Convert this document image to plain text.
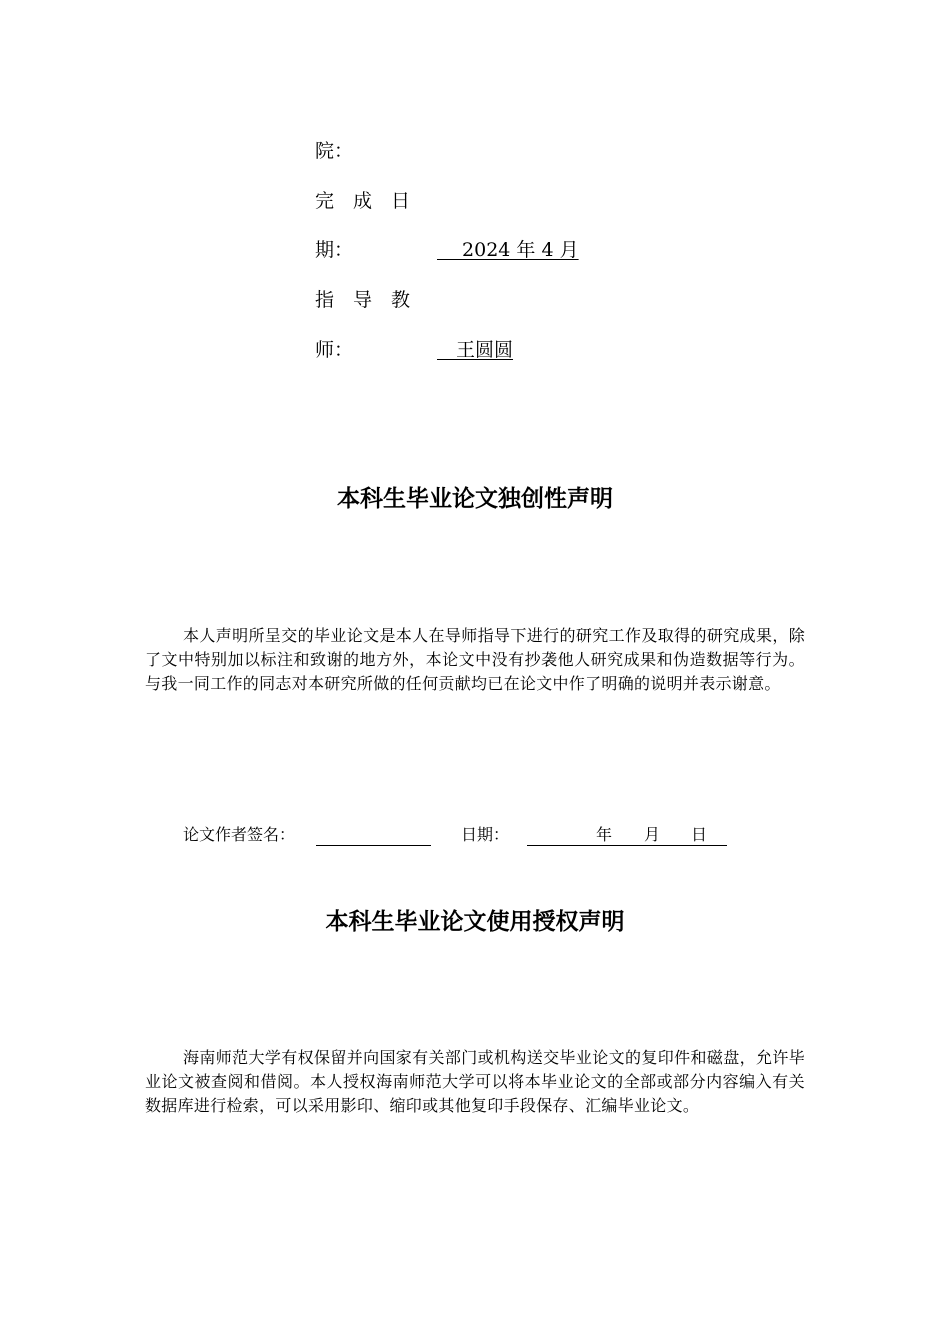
院：
完　成　日
期：	　 2024 年 4 月
指　导　教
师：	　王圆圆
本科生毕业论文独创性声明
本人声明所呈交的毕业论文是本人在导师指导下进行的研究工作及取得的研究成果，除了文中特别加以标注和致谢的地方外，本论文中没有抄袭他人研究成果和伪造数据等行为。与我一同工作的同志对本研究所做的任何贡献均已在论文中作了明确的说明并表示谢意。
论文作者签名：	日期：	年 月 日
本科生毕业论文使用授权声明
海南师范大学有权保留并向国家有关部门或机构送交毕业论文的复印件和磁盘，允许毕业论文被查阅和借阅。本人授权海南师范大学可以将本毕业论文的全部或部分内容编入有关数据库进行检索，可以采用影印、缩印或其他复印手段保存、汇编毕业论文。
